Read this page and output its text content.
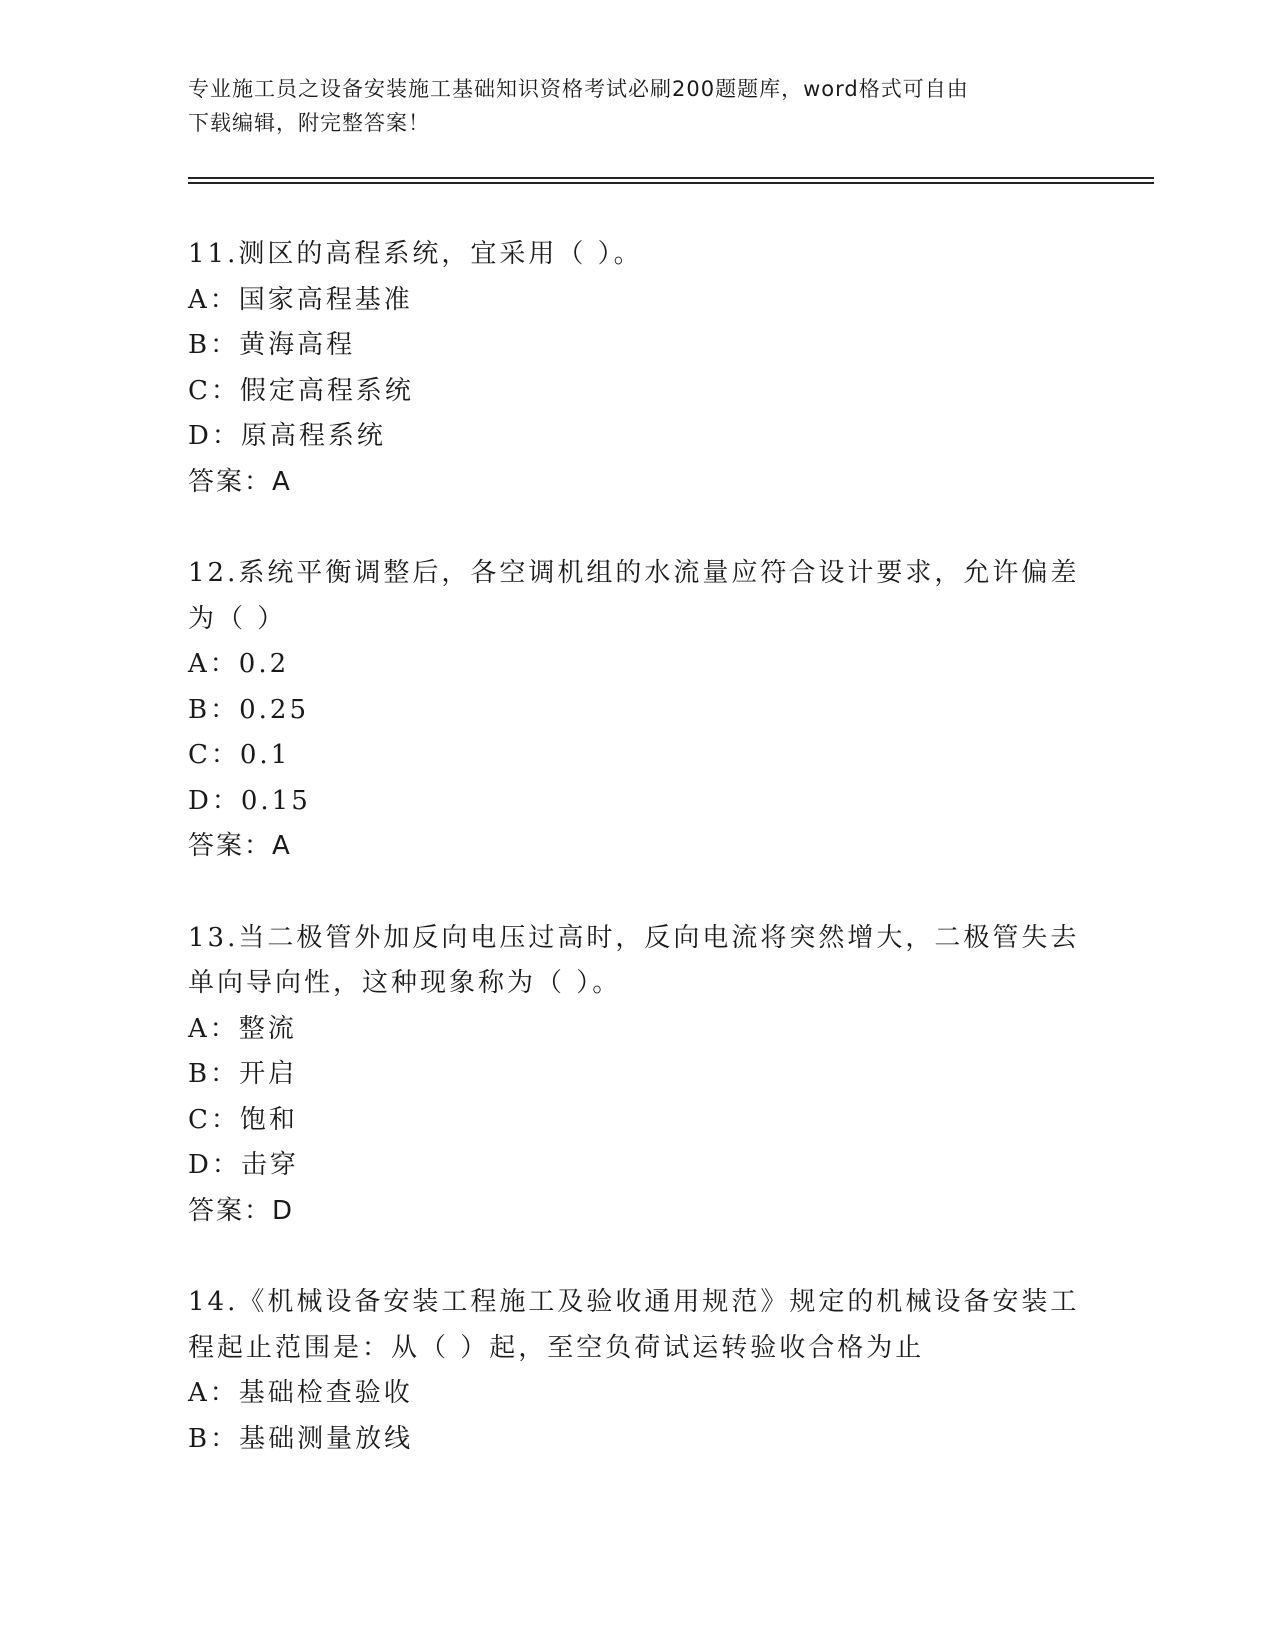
专业施工员之设备安装施工基础知识资格考试必刷200题题库，word格式可自由
下载编辑，附完整答案！
11.测区的高程系统，宜采用（ ）。
A：国家高程基准
B：黄海高程
C：假定高程系统
D：原高程系统
答案：A
12.系统平衡调整后，各空调机组的水流量应符合设计要求，允许偏差
为（ ）
A：0.2
B：0.25
C：0.1
D：0.15
答案：A
13.当二极管外加反向电压过高时，反向电流将突然增大，二极管失去
单向导向性，这种现象称为（ ）。
A：整流
B：开启
C：饱和
D：击穿
答案：D
14.《机械设备安装工程施工及验收通用规范》规定的机械设备安装工
程起止范围是：从（ ）起，至空负荷试运转验收合格为止
A：基础检查验收
B：基础测量放线
